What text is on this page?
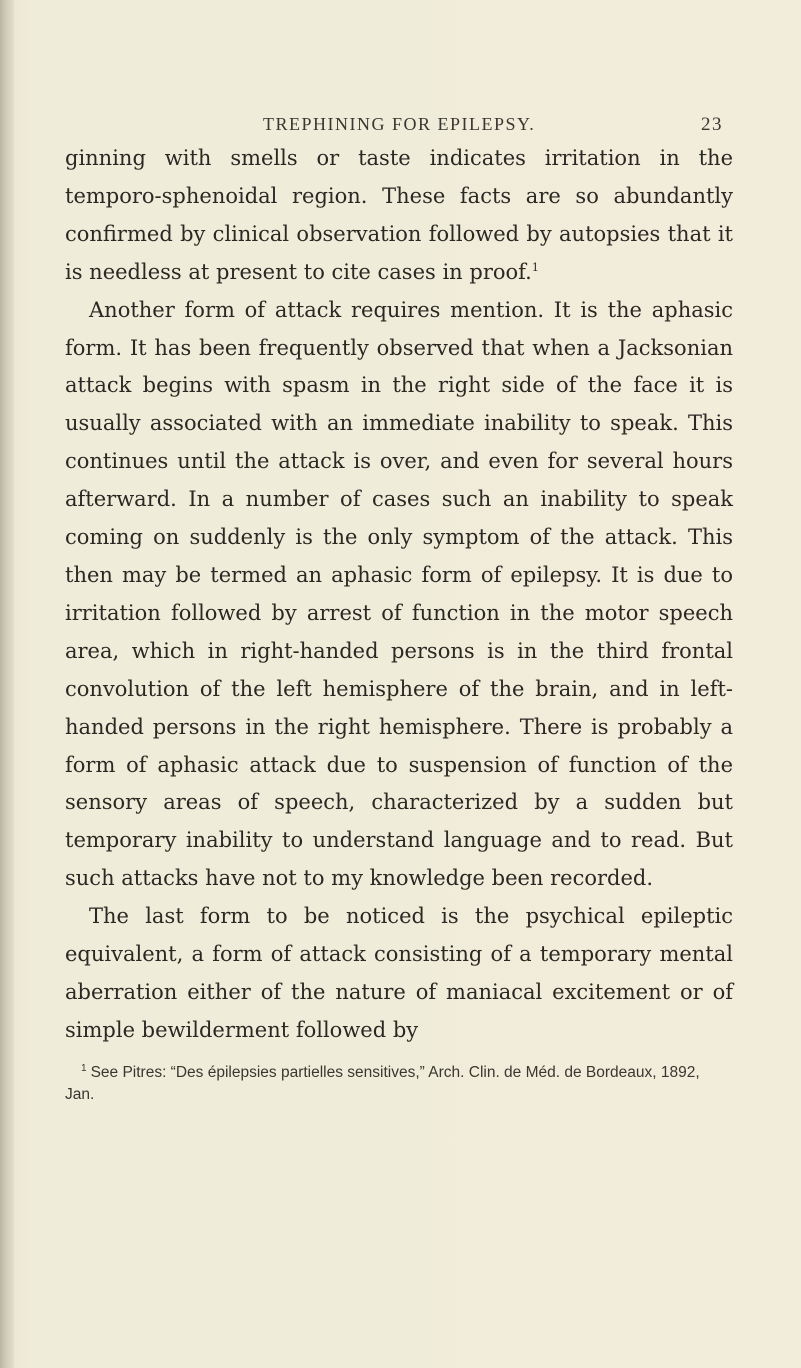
TREPHINING FOR EPILEPSY.	23

ginning with smells or taste indicates irritation in the temporo-sphenoidal region. These facts are so abundantly confirmed by clinical observation followed by autopsies that it is needless at present to cite cases in proof.$^1$

Another form of attack requires mention. It is the aphasic form. It has been frequently observed that when a Jacksonian attack begins with spasm in the right side of the face it is usually associated with an immediate inability to speak. This continues until the attack is over, and even for several hours afterward. In a number of cases such an inability to speak coming on suddenly is the only symptom of the attack. This then may be termed an aphasic form of epilepsy. It is due to irritation followed by arrest of function in the motor speech area, which in right-handed persons is in the third frontal convolution of the left hemisphere of the brain, and in left-handed persons in the right hemisphere. There is probably a form of aphasic attack due to suspension of function of the sensory areas of speech, characterized by a sudden but temporary inability to understand language and to read. But such attacks have not to my knowledge been recorded.

The last form to be noticed is the psychical epileptic equivalent, a form of attack consisting of a temporary mental aberration either of the nature of maniacal excitement or of simple bewilderment followed by

$^1$ See Pitres: “Des épilepsies partielles sensitives,” Arch. Clin. de Méd. de Bordeaux, 1892, Jan.
